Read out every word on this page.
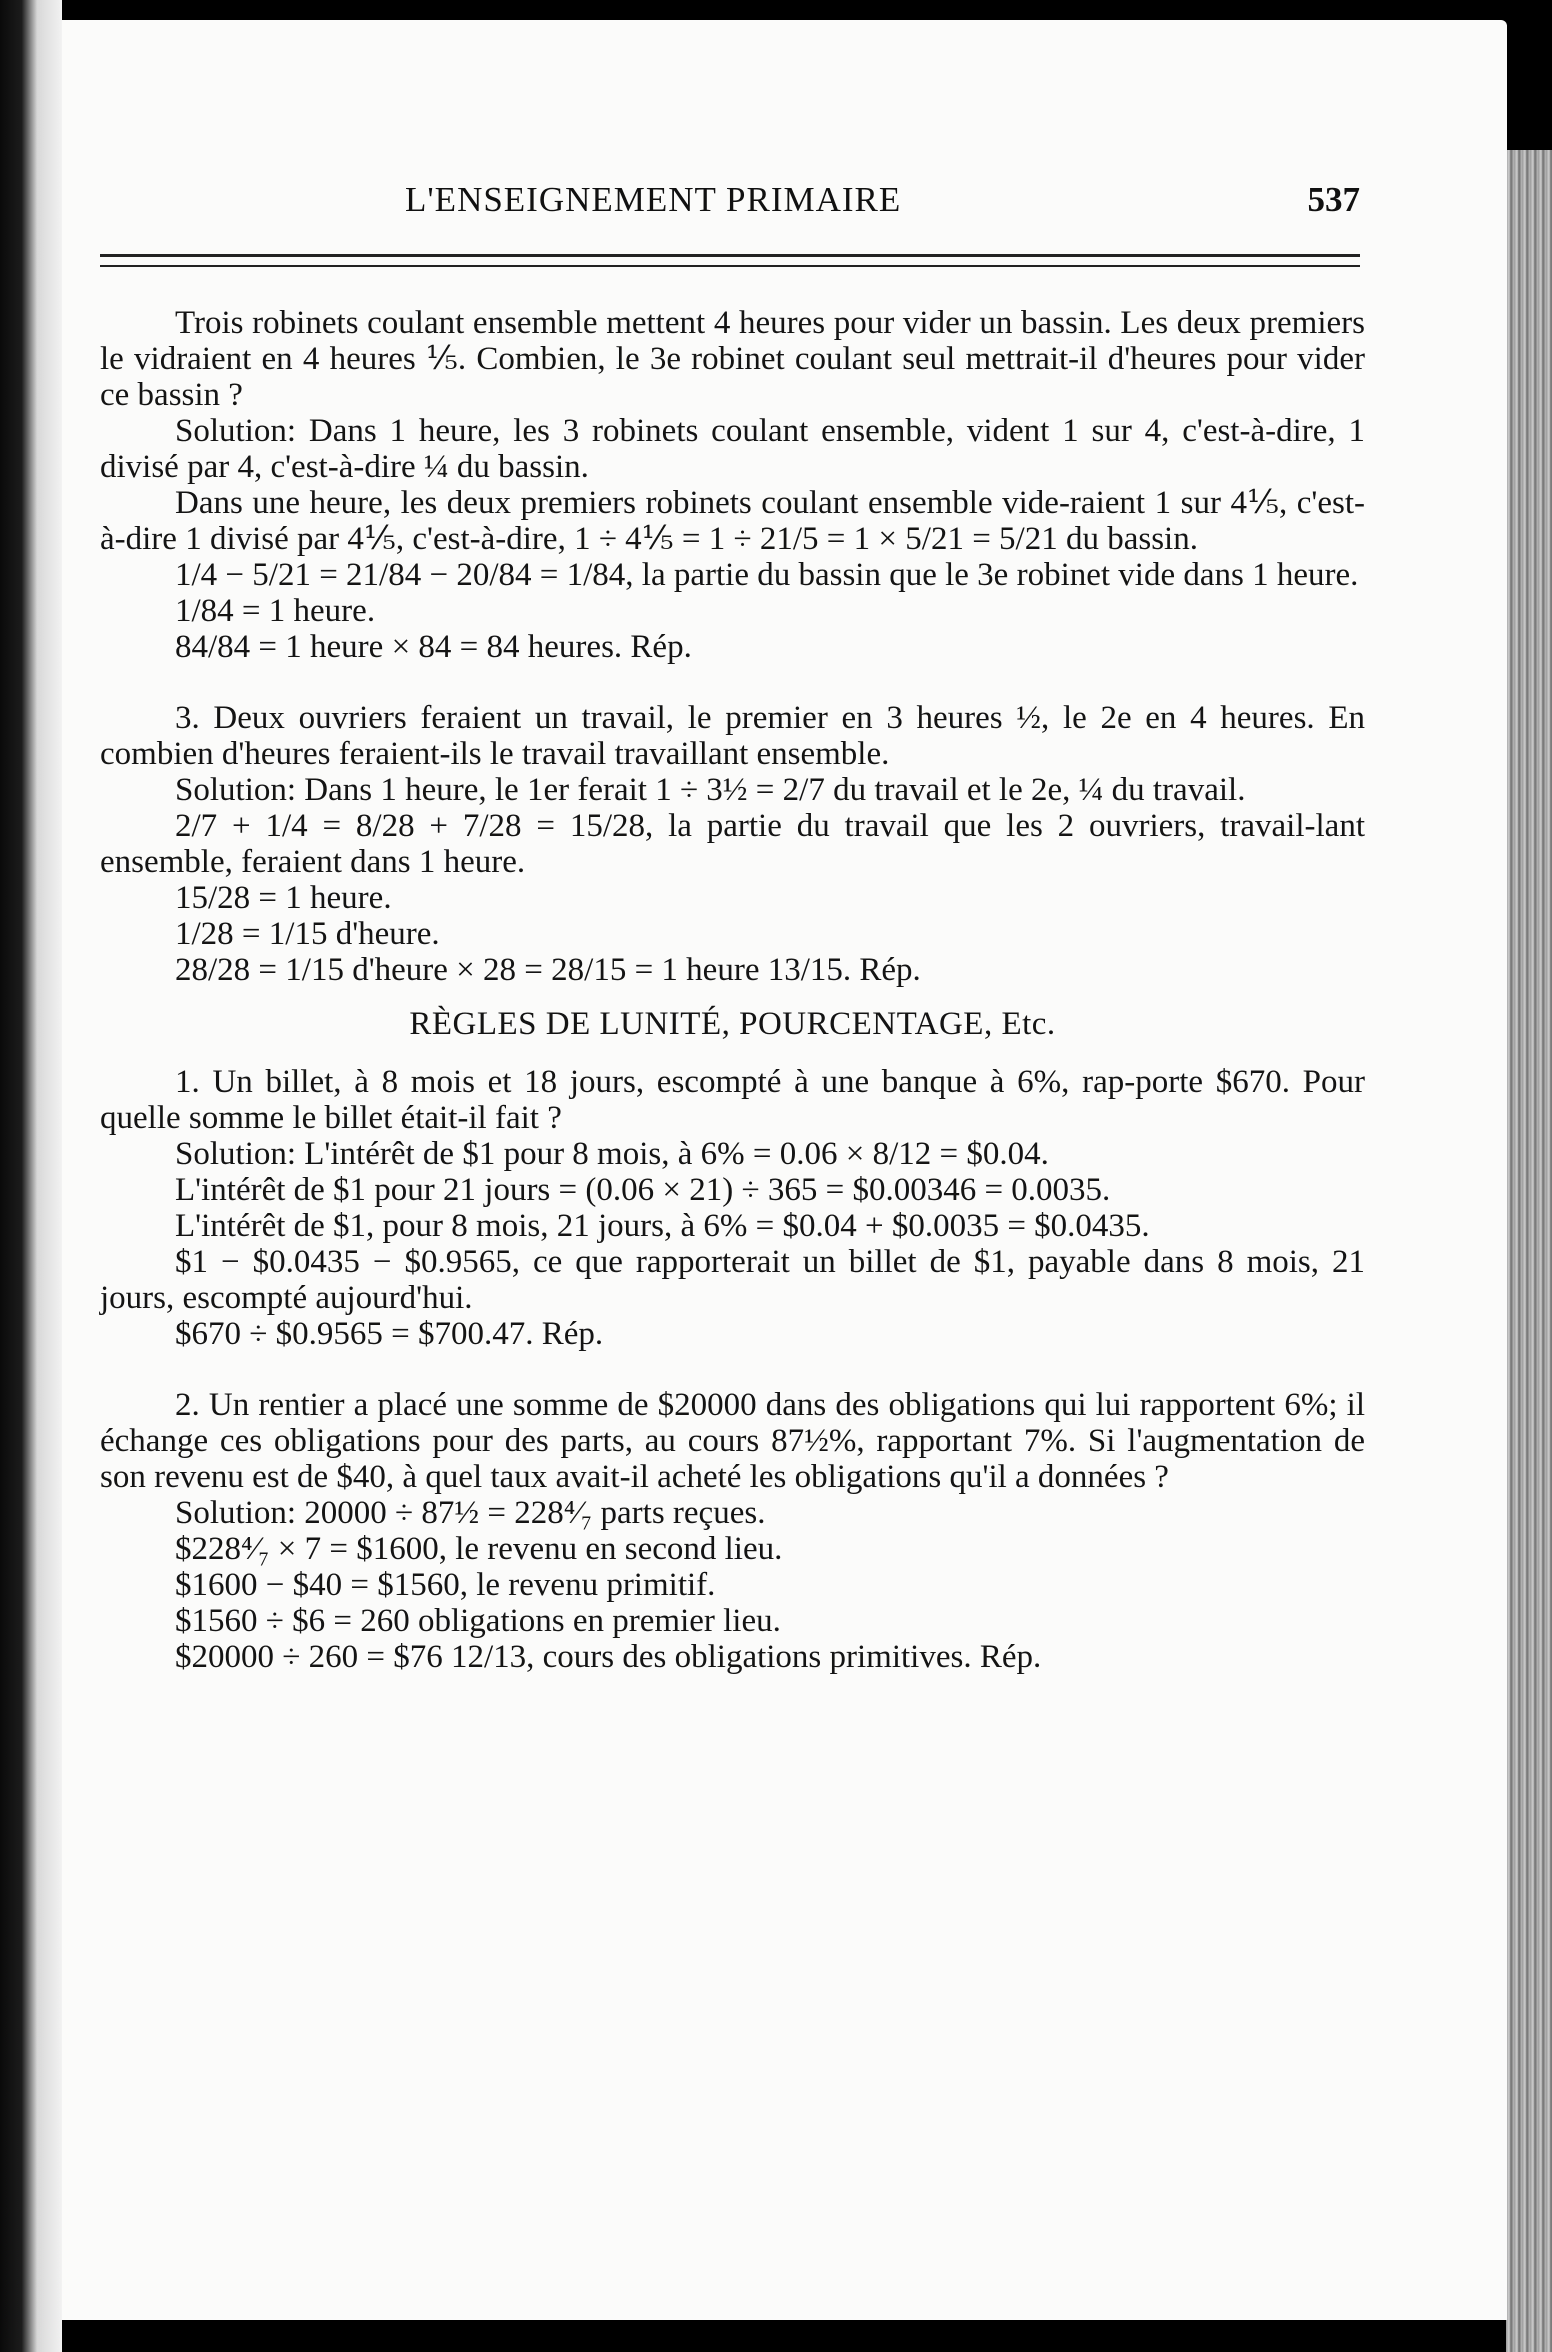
L'ENSEIGNEMENT PRIMAIRE	537

Trois robinets coulant ensemble mettent 4 heures pour vider un bassin. Les deux premiers le vidraient en 4 heures ⅕. Combien, le 3e robinet coulant seul mettrait-il d'heures pour vider ce bassin ?

Solution: Dans 1 heure, les 3 robinets coulant ensemble, vident 1 sur 4, c'est-à-dire, 1 divisé par 4, c'est-à-dire ¼ du bassin.

Dans une heure, les deux premiers robinets coulant ensemble vide-raient 1 sur 4⅕, c'est-à-dire 1 divisé par 4⅕, c'est-à-dire, 1 ÷ 4⅕ = 1 ÷ 21/5 = 1 × 5/21 = 5/21 du bassin.

1/4 − 5/21 = 21/84 − 20/84 = 1/84, la partie du bassin que le 3e robinet vide dans 1 heure.

1/84 = 1 heure.

84/84 = 1 heure × 84 = 84 heures. Rép.

3. Deux ouvriers feraient un travail, le premier en 3 heures ½, le 2e en 4 heures. En combien d'heures feraient-ils le travail travaillant ensemble.

Solution: Dans 1 heure, le 1er ferait 1 ÷ 3½ = 2/7 du travail et le 2e, ¼ du travail.

2/7 + 1/4 = 8/28 + 7/28 = 15/28, la partie du travail que les 2 ouvriers, travail-lant ensemble, feraient dans 1 heure.

15/28 = 1 heure.

1/28 = 1/15 d'heure.

28/28 = 1/15 d'heure × 28 = 28/15 = 1 heure 13/15. Rép.

RÈGLES DE LUNITÉ, POURCENTAGE, Etc.

1. Un billet, à 8 mois et 18 jours, escompté à une banque à 6%, rap-porte $670. Pour quelle somme le billet était-il fait ?

Solution: L'intérêt de $1 pour 8 mois, à 6% = 0.06 × 8/12 = $0.04.

L'intérêt de $1 pour 21 jours = (0.06 × 21) ÷ 365 = $0.00346 = 0.0035.

L'intérêt de $1, pour 8 mois, 21 jours, à 6% = $0.04 + $0.0035 = $0.0435.

$1 − $0.0435 − $0.9565, ce que rapporterait un billet de $1, payable dans 8 mois, 21 jours, escompté aujourd'hui.

$670 ÷ $0.9565 = $700.47. Rép.

2. Un rentier a placé une somme de $20000 dans des obligations qui lui rapportent 6%; il échange ces obligations pour des parts, au cours 87½%, rapportant 7%. Si l'augmentation de son revenu est de $40, à quel taux avait-il acheté les obligations qu'il a données ?

Solution: 20000 ÷ 87½ = 228⁴⁄₇ parts reçues.

$228⁴⁄₇ × 7 = $1600, le revenu en second lieu.

$1600 − $40 = $1560, le revenu primitif.

$1560 ÷ $6 = 260 obligations en premier lieu.

$20000 ÷ 260 = $76 12/13, cours des obligations primitives. Rép.
